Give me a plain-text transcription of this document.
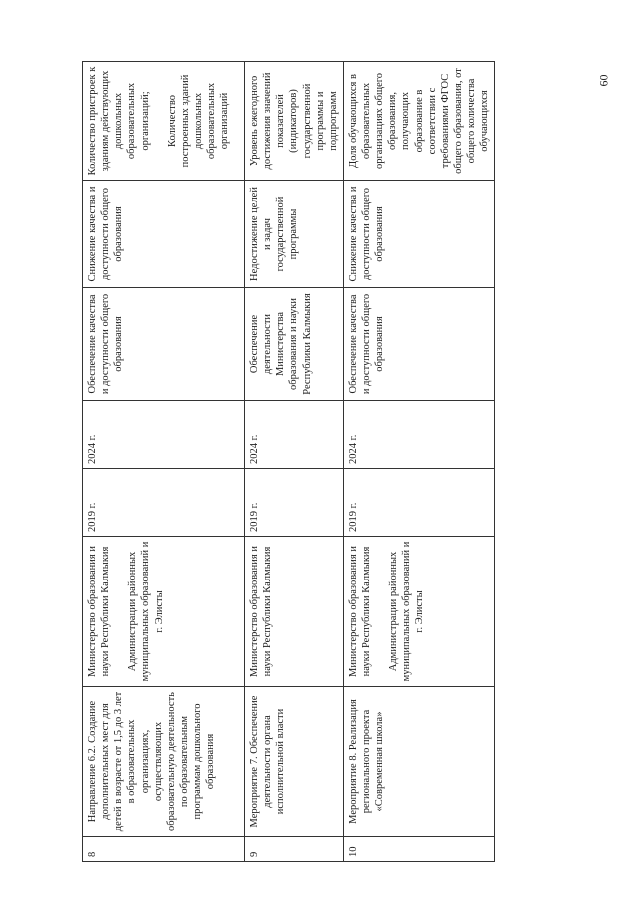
8	Направление 6.2. Создание дополнительных мест для детей в возрасте от 1,5 до 3 лет в образовательных организациях, осуществляющих образовательную деятельность по образовательным программам дошкольного образования	Министерство образования и науки Республики Калмыкия Администрации районных муниципальных образований и г. Элисты	2019 г.	2024 г.	Обеспечение качества и доступности общего образования	Снижение качества и доступности общего образования	Количество пристроек к зданиям действующих дошкольных образовательных организаций; Количество построенных зданий дошкольных образовательных организаций
9	Мероприятие 7. Обеспечение деятельности органа исполнительной власти	Министерство образования и науки Республики Калмыкия	2019 г.	2024 г.	Обеспечение деятельности Министерства образования и науки Республики Калмыкия	Недостижение целей и задач государственной программы	Уровень ежегодного достижения значений показателей (индикаторов) государственной программы и подпрограмм
10	Мероприятие 8. Реализация регионального проекта «Современная школа»	Министерство образования и науки Республики Калмыкия Администрации районных муниципальных образований и г. Элисты	2019 г.	2024 г.	Обеспечение качества и доступности общего образования	Снижение качества и доступности общего образования	Доля обучающихся в образовательных организациях общего образования, получающих образование в соответствии с требованиями ФГОС общего образования, от общего количества обучающихся
60
